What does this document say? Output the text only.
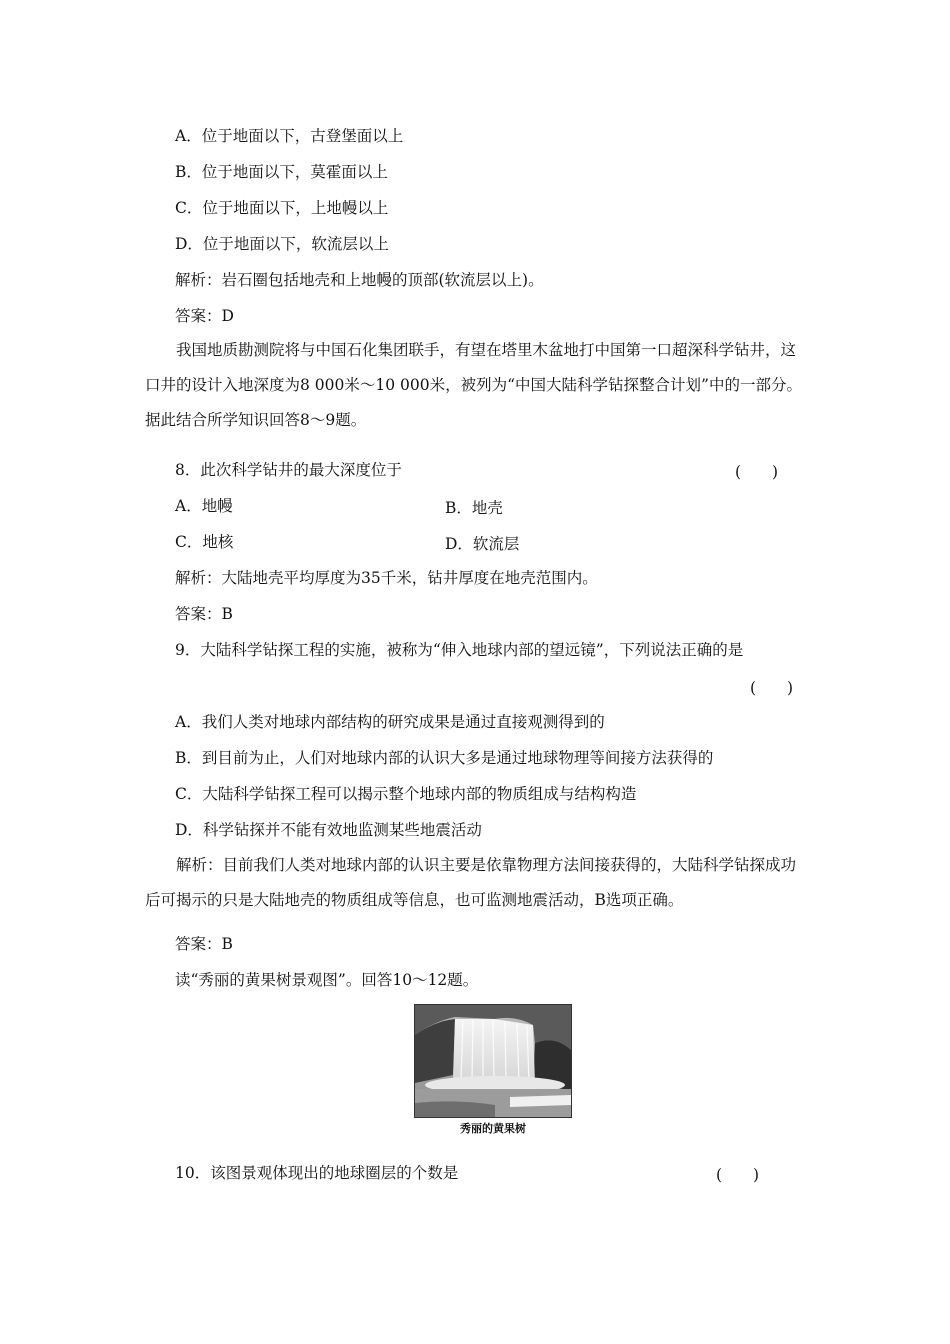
A．位于地面以下，古登堡面以上
B．位于地面以下，莫霍面以上
C．位于地面以下，上地幔以上
D．位于地面以下，软流层以上
解析：岩石圈包括地壳和上地幔的顶部(软流层以上)。
答案：D
我国地质勘测院将与中国石化集团联手，有望在塔里木盆地打中国第一口超深科学钻井，这口井的设计入地深度为8 000米～10 000米，被列为“中国大陆科学钻探整合计划”中的一部分。据此结合所学知识回答8～9题。
8．此次科学钻井的最大深度位于	(　　)
A．地幔	B．地壳
C．地核	D．软流层
解析：大陆地壳平均厚度为35千米，钻井厚度在地壳范围内。
答案：B
9．大陆科学钻探工程的实施，被称为“伸入地球内部的望远镜”，下列说法正确的是
(　　)
A．我们人类对地球内部结构的研究成果是通过直接观测得到的
B．到目前为止，人们对地球内部的认识大多是通过地球物理等间接方法获得的
C．大陆科学钻探工程可以揭示整个地球内部的物质组成与结构构造
D．科学钻探并不能有效地监测某些地震活动
解析：目前我们人类对地球内部的认识主要是依靠物理方法间接获得的，大陆科学钻探成功后可揭示的只是大陆地壳的物质组成等信息，也可监测地震活动，B选项正确。
答案：B
读“秀丽的黄果树景观图”。回答10～12题。
秀丽的黄果树
10．该图景观体现出的地球圈层的个数是	(　　)
